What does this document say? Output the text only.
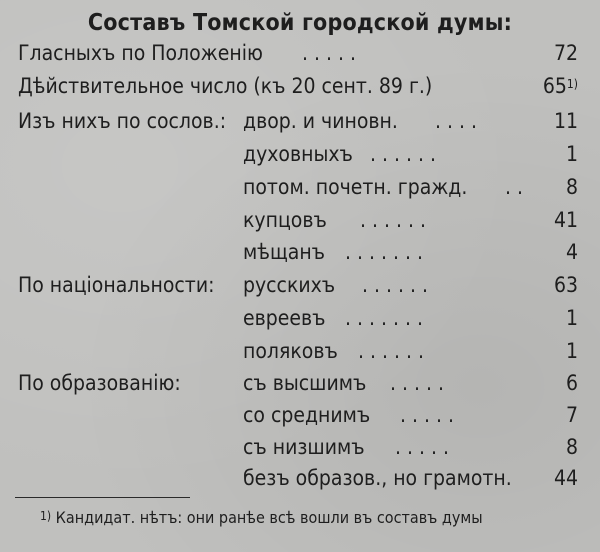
Составъ Томской городской думы:
Гласныхъ по Положенію .....	72
Дѣйствительное число (къ 20 сент. 89 г.)	65$^{1)}$
Изъ нихъ по сослов.: двор. и чиновн. ....	11
духовныхъ ......	1
потом. почетн. гражд. .. 8
купцовъ ......	41
мѣщанъ .......	4
По національности: русскихъ ......	63
евреевъ .......	1
поляковъ ......	1
По образованію:	съ высшимъ .....	6
со среднимъ .....	7
съ низшимъ .....	8
безъ образов., но грамотн. 44
$^{1)}$ Кандидат. нѣтъ: они ранѣе всѣ вошли въ составъ думы
